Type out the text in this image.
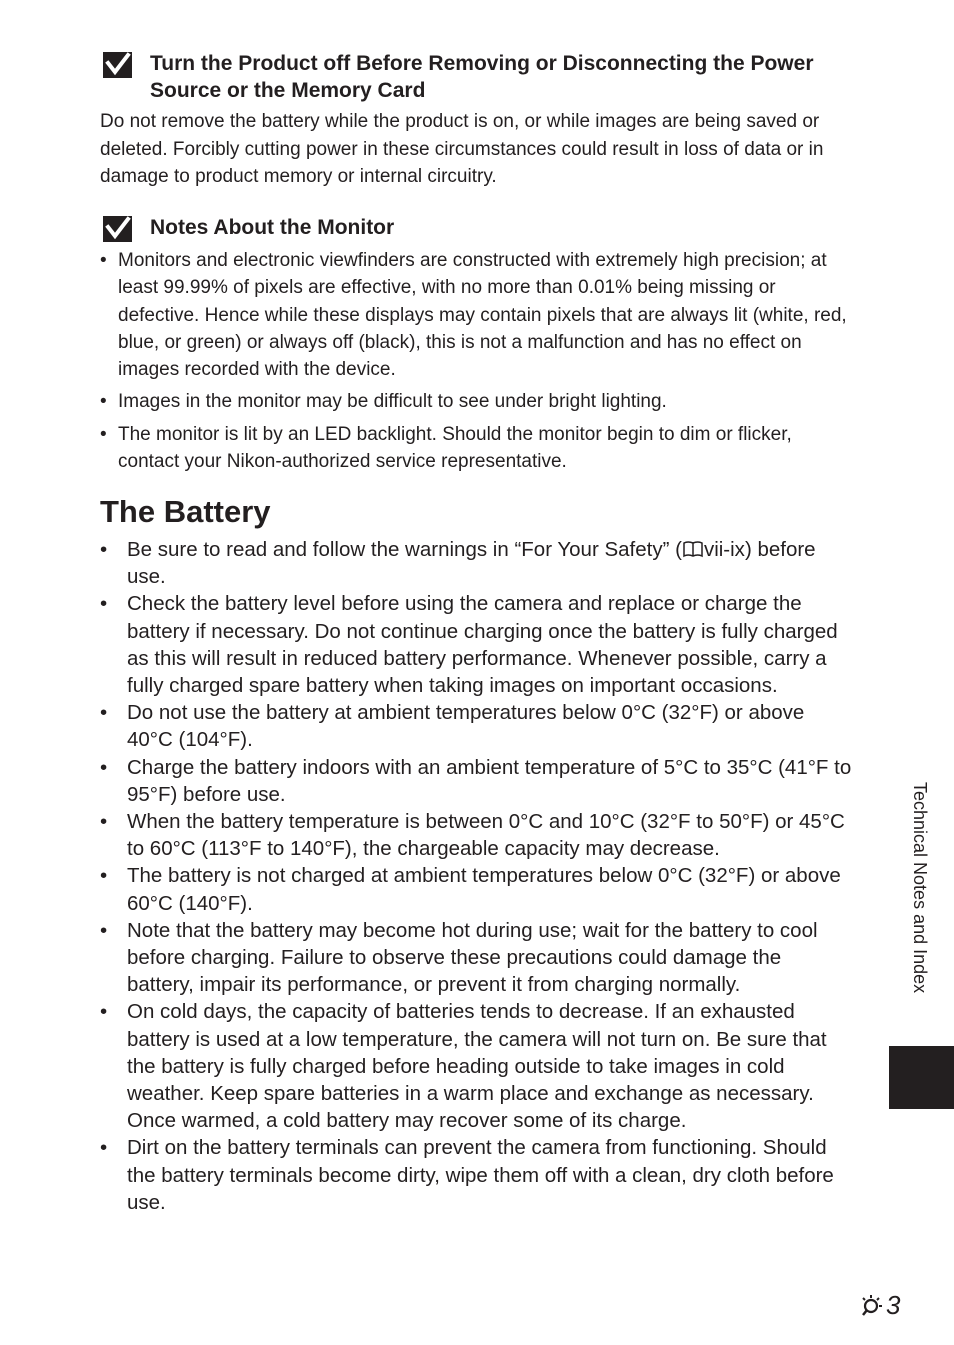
Turn the Product off Before Removing or Disconnecting the Power Source or the Memory Card
Do not remove the battery while the product is on, or while images are being saved or deleted. Forcibly cutting power in these circumstances could result in loss of data or in damage to product memory or internal circuitry.
Notes About the Monitor
• Monitors and electronic viewfinders are constructed with extremely high precision; at least 99.99% of pixels are effective, with no more than 0.01% being missing or defective. Hence while these displays may contain pixels that are always lit (white, red, blue, or green) or always off (black), this is not a malfunction and has no effect on images recorded with the device.
• Images in the monitor may be difficult to see under bright lighting.
• The monitor is lit by an LED backlight. Should the monitor begin to dim or flicker, contact your Nikon-authorized service representative.
The Battery
• Be sure to read and follow the warnings in “For Your Safety” ( vii-ix) before use.
• Check the battery level before using the camera and replace or charge the battery if necessary. Do not continue charging once the battery is fully charged as this will result in reduced battery performance. Whenever possible, carry a fully charged spare battery when taking images on important occasions.
• Do not use the battery at ambient temperatures below 0°C (32°F) or above 40°C (104°F).
• Charge the battery indoors with an ambient temperature of 5°C to 35°C (41°F to 95°F) before use.
• When the battery temperature is between 0°C and 10°C (32°F to 50°F) or 45°C to 60°C (113°F to 140°F), the chargeable capacity may decrease.
• The battery is not charged at ambient temperatures below 0°C (32°F) or above 60°C (140°F).
• Note that the battery may become hot during use; wait for the battery to cool before charging. Failure to observe these precautions could damage the battery, impair its performance, or prevent it from charging normally.
• On cold days, the capacity of batteries tends to decrease. If an exhausted battery is used at a low temperature, the camera will not turn on. Be sure that the battery is fully charged before heading outside to take images in cold weather. Keep spare batteries in a warm place and exchange as necessary. Once warmed, a cold battery may recover some of its charge.
• Dirt on the battery terminals can prevent the camera from functioning. Should the battery terminals become dirty, wipe them off with a clean, dry cloth before use.
Technical Notes and Index
3
